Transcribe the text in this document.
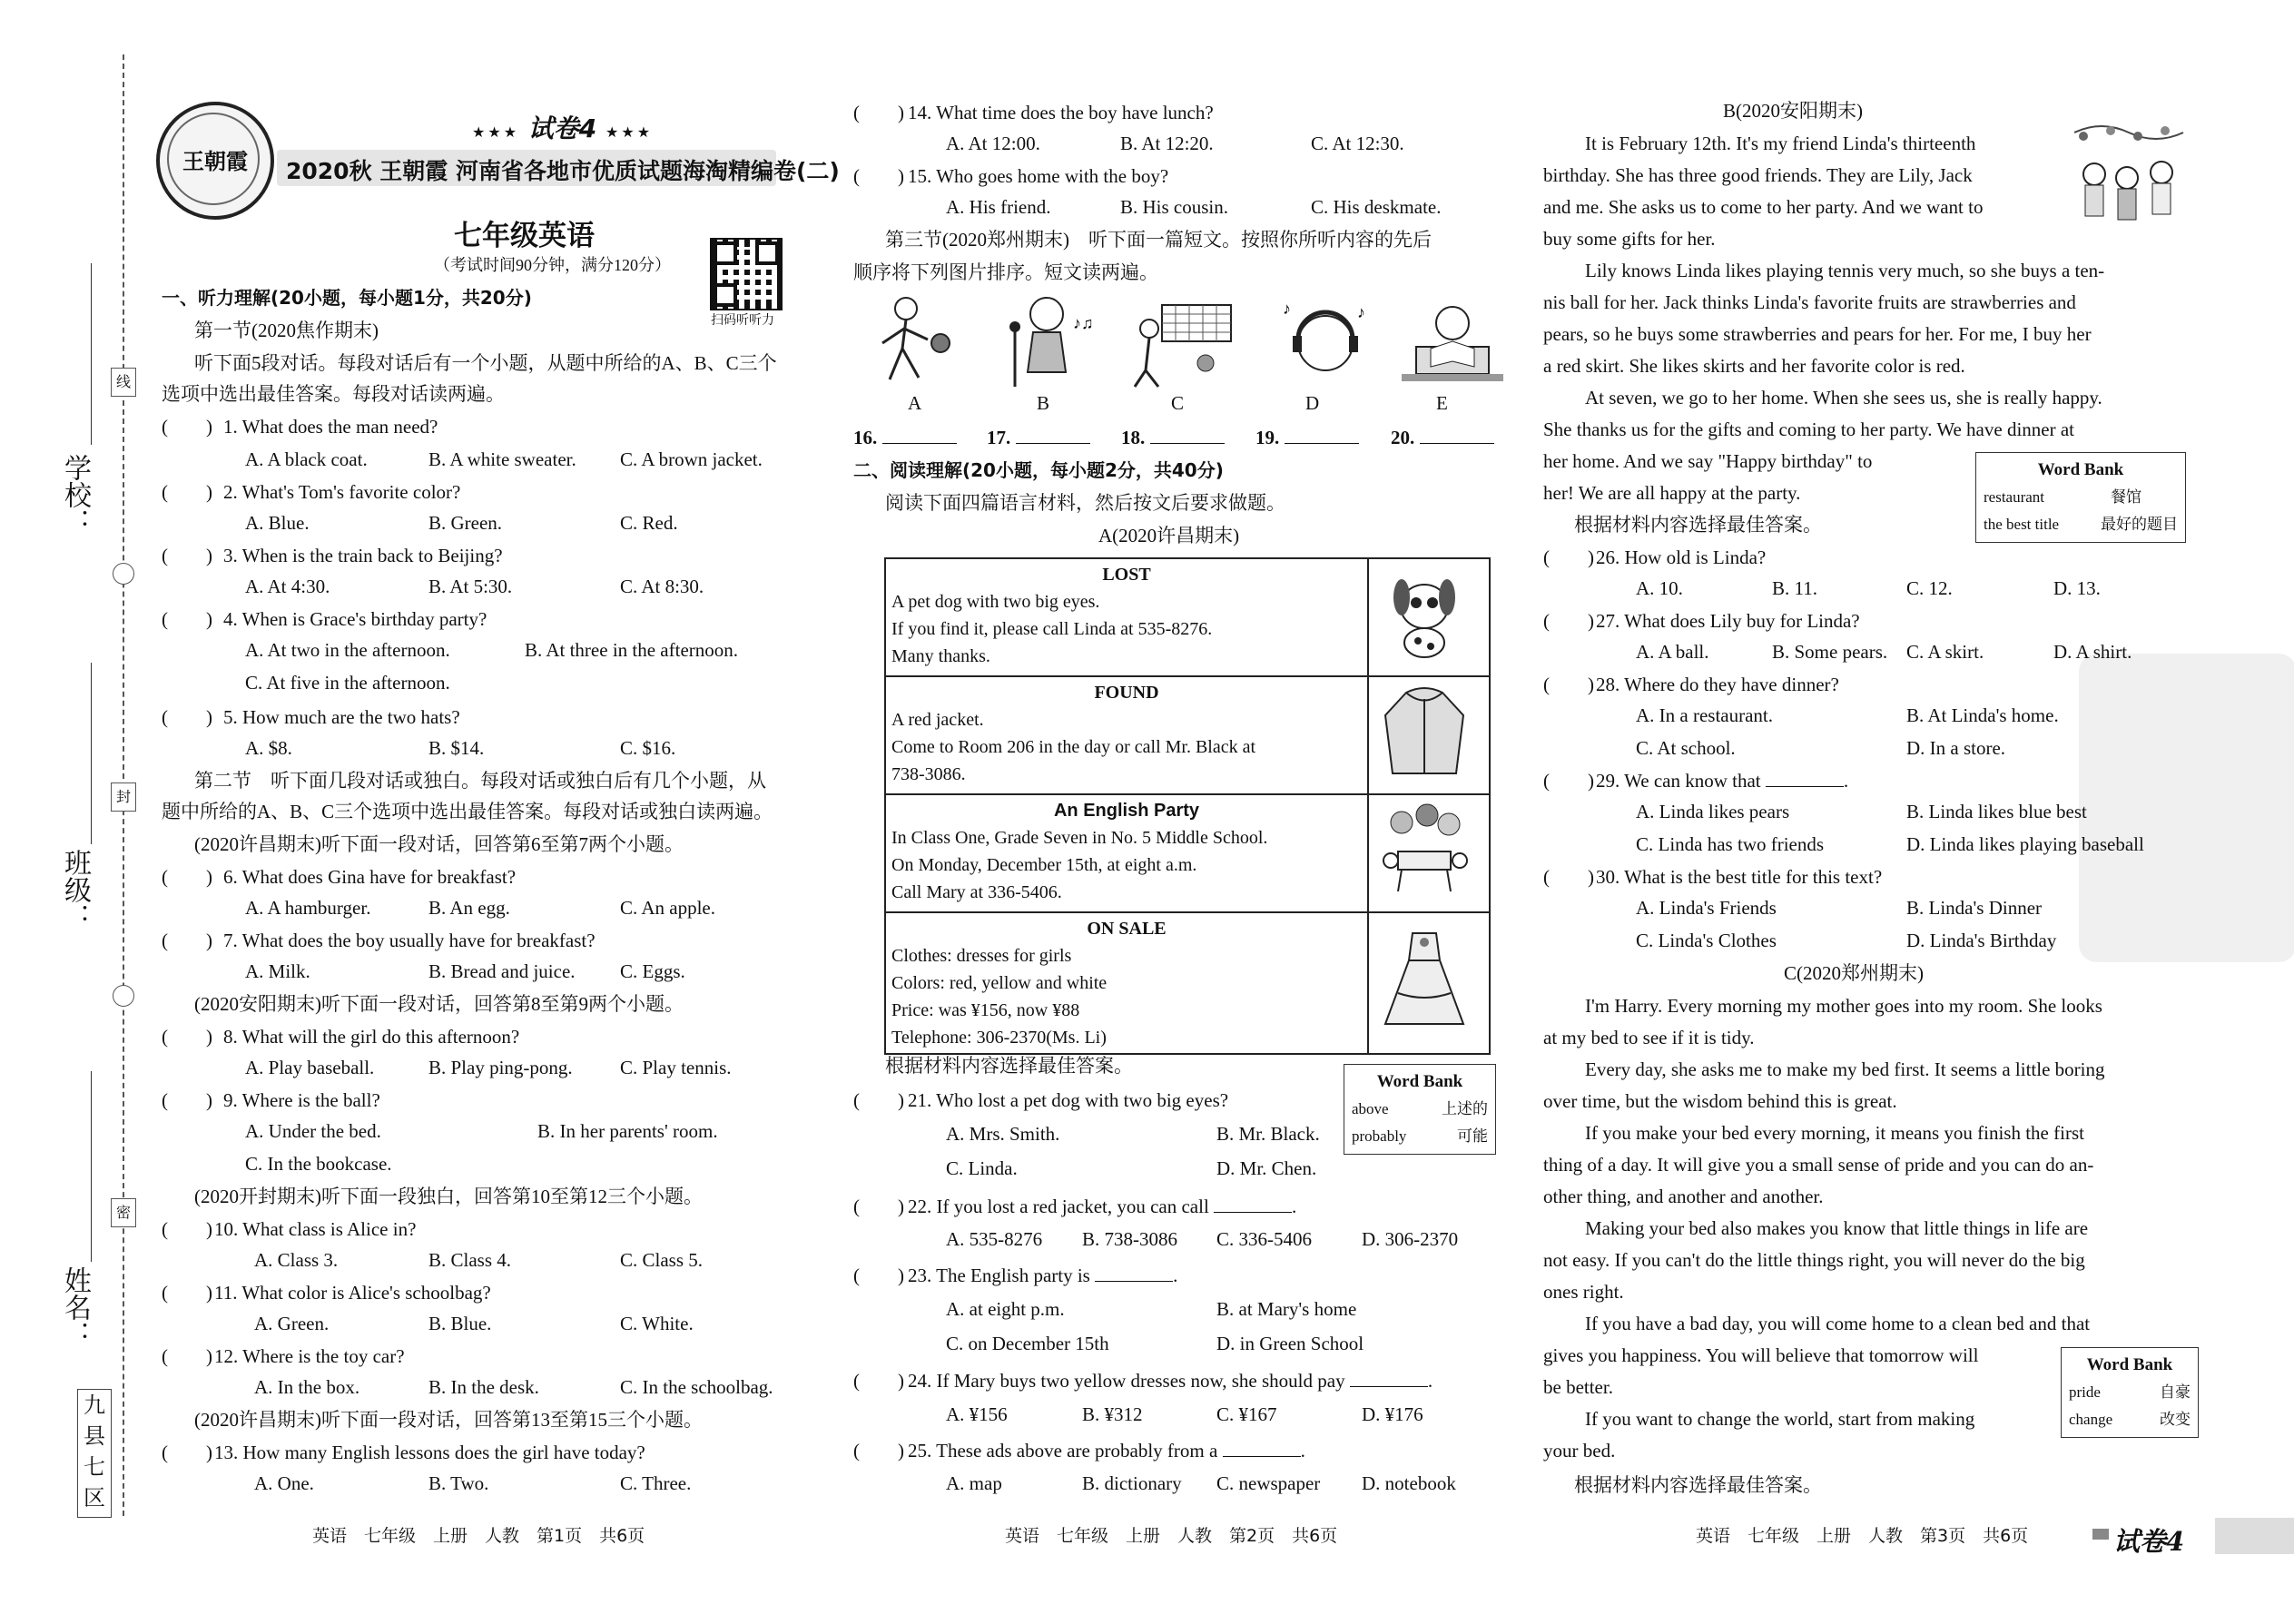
学校：
班级：
姓名：
线
封
密
九
县
七
区
王朝霞
★★★ 试卷4 ★★★
2020秋 王朝霞 河南省各地市优质试题海淘精编卷(二)
七年级英语
（考试时间90分钟，满分120分）
扫码听听力
一、听力理解(20小题，每小题1分，共20分)
第一节(2020焦作期末)
听下面5段对话。每段对话后有一个小题，从题中所给的A、B、C三个
选项中选出最佳答案。每段对话读两遍。
(　　) 1. What does the man need?
A. A black coat.	B. A white sweater. C. A brown jacket.
(　　) 2. What's Tom's favorite color?
A. Blue.	B. Green.	C. Red.
(　　) 3. When is the train back to Beijing?
A. At 4:30.	B. At 5:30.	C. At 8:30.
(　　) 4. When is Grace's birthday party?
A. At two in the afternoon.	B. At three in the afternoon.
C. At five in the afternoon.
(　　) 5. How much are the two hats?
A. $8.	B. $14.	C. $16.
第二节　听下面几段对话或独白。每段对话或独白后有几个小题，从
题中所给的A、B、C三个选项中选出最佳答案。每段对话或独白读两遍。
(2020许昌期末)听下面一段对话，回答第6至第7两个小题。
(　　) 6. What does Gina have for breakfast?
A. A hamburger.	B. An egg.	C. An apple.
(　　) 7. What does the boy usually have for breakfast?
A. Milk.	B. Bread and juice. C. Eggs.
(2020安阳期末)听下面一段对话，回答第8至第9两个小题。
(　　) 8. What will the girl do this afternoon?
A. Play baseball.	B. Play ping-pong. C. Play tennis.
(　　) 9. Where is the ball?
A. Under the bed.	B. In her parents' room.
C. In the bookcase.
(2020开封期末)听下面一段独白，回答第10至第12三个小题。
(　　) 10. What class is Alice in?
A. Class 3.	B. Class 4.	C. Class 5.
(　　) 11. What color is Alice's schoolbag?
A. Green.	B. Blue.	C. White.
(　　) 12. Where is the toy car?
A. In the box.	B. In the desk.	C. In the schoolbag.
(2020许昌期末)听下面一段对话，回答第13至第15三个小题。
(　　) 13. How many English lessons does the girl have today?
A. One.	B. Two.	C. Three.
英语　七年级　上册　人教　第1页　共6页
(　　) 14. What time does the boy have lunch?
A. At 12:00.	B. At 12:20.	C. At 12:30.
(　　) 15. Who goes home with the boy?
A. His friend.	B. His cousin.	C. His deskmate.
第三节(2020郑州期末)　听下面一篇短文。按照你所听内容的先后
顺序将下列图片排序。短文读两遍。
♪♫
♪	♪
A	B	C	D	E
16.	17.	18.	19.	20.
二、阅读理解(20小题，每小题2分，共40分)
阅读下面四篇语言材料，然后按文后要求做题。
A(2020许昌期末)
LOST
A pet dog with two big eyes.
If you find it, please call Linda at 535-8276.
Many thanks.

FOUND
A red jacket.
Come to Room 206 in the day or call Mr. Black at
738-3086.

An English Party
In Class One, Grade Seven in No. 5 Middle School.
On Monday, December 15th, at eight a.m.
Call Mary at 336-5406.

ON SALE
Clothes: dresses for girls
Colors: red, yellow and white
Price: was ¥156, now ¥88
Telephone: 306-2370(Ms. Li)

根据材料内容选择最佳答案。
Word Bank
above	上述的
probably	可能
(　　) 21. Who lost a pet dog with two big eyes?
A. Mrs. Smith.	B. Mr. Black.
C. Linda.	D. Mr. Chen.
(　　) 22. If you lost a red jacket, you can call	.
A. 535-8276 B. 738-3086 C. 336-5406	D. 306-2370
(　　) 23. The English party is	.
A. at eight p.m.	B. at Mary's home
C. on December 15th	D. in Green School
(　　) 24. If Mary buys two yellow dresses now, she should pay	.
A. ¥156	B. ¥312	C. ¥167	D. ¥176
(　　) 25. These ads above are probably from a	.
A. map	B. dictionary C. newspaper D. notebook
英语　七年级　上册　人教　第2页　共6页
B(2020安阳期末)
It is February 12th. It's my friend Linda's thirteenth
birthday. She has three good friends. They are Lily, Jack
and me. She asks us to come to her party. And we want to
buy some gifts for her.
Lily knows Linda likes playing tennis very much, so she buys a ten-
nis ball for her. Jack thinks Linda's favorite fruits are strawberries and
pears, so he buys some strawberries and pears for her. For me, I buy her
a red skirt. She likes skirts and her favorite color is red.
At seven, we go to her home. When she sees us, she is really happy.
She thanks us for the gifts and coming to her party. We have dinner at
her home. And we say "Happy birthday" to
her! We are all happy at the party.
Word Bank
restaurant	餐馆
the best title	最好的题目
根据材料内容选择最佳答案。
(　　) 26. How old is Linda?
A. 10.	B. 11.	C. 12.	D. 13.
(　　) 27. What does Lily buy for Linda?
A. A ball.	B. Some pears. C. A skirt.	D. A shirt.
(　　) 28. Where do they have dinner?
A. In a restaurant.	B. At Linda's home.
C. At school.	D. In a store.
(　　) 29. We can know that	.
A. Linda likes pears	B. Linda likes blue best
C. Linda has two friends	D. Linda likes playing baseball
(　　) 30. What is the best title for this text?
A. Linda's Friends	B. Linda's Dinner
C. Linda's Clothes	D. Linda's Birthday
C(2020郑州期末)
I'm Harry. Every morning my mother goes into my room. She looks
at my bed to see if it is tidy.
Every day, she asks me to make my bed first. It seems a little boring
over time, but the wisdom behind this is great.
If you make your bed every morning, it means you finish the first
thing of a day. It will give you a small sense of pride and you can do an-
other thing, and another and another.
Making your bed also makes you know that little things in life are
not easy. If you can't do the little things right, you will never do the big
ones right.
If you have a bad day, you will come home to a clean bed and that
gives you happiness. You will believe that tomorrow will
be better.
If you want to change the world, start from making
your bed.
Word Bank
pride	自豪
change	改变
根据材料内容选择最佳答案。
英语　七年级　上册　人教　第3页　共6页	试卷4
